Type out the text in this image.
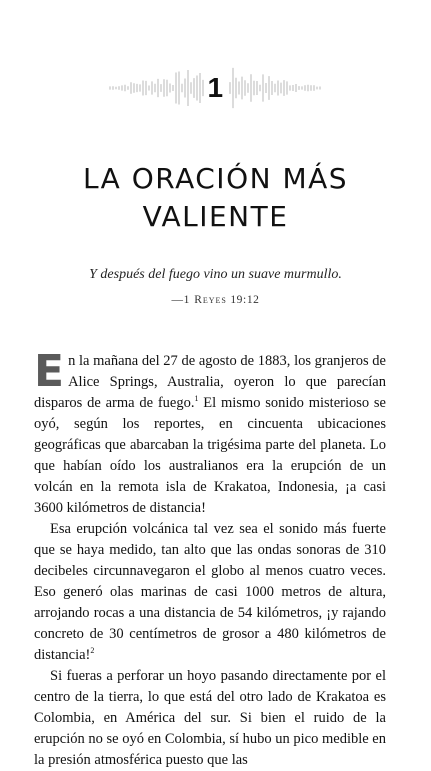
1
LA ORACIÓN MÁS
VALIENTE
Y después del fuego vino un suave murmullo.
—1 Reyes 19:12

En la mañana del 27 de agosto de 1883, los granjeros de Alice Springs, Australia, oyeron lo que parecían disparos de arma de fuego.$^1$ El mismo sonido misterioso se oyó, según los reportes, en cincuenta ubicaciones geográficas que abarcaban la trigésima parte del planeta. Lo que habían oído los australianos era la erupción de un volcán en la remota isla de Krakatoa, Indonesia, ¡a casi 3600 kilómetros de distancia!

Esa erupción volcánica tal vez sea el sonido más fuerte que se haya medido, tan alto que las ondas sonoras de 310 decibeles circunnavegaron el globo al menos cuatro veces. Eso generó olas marinas de casi 1000 metros de altura, arrojando rocas a una distancia de 54 kilómetros, ¡y rajando concreto de 30 centímetros de grosor a 480 kilómetros de distancia!$^2$

Si fueras a perforar un hoyo pasando directamente por el centro de la tierra, lo que está del otro lado de Krakatoa es Colombia, en América del sur. Si bien el ruido de la erupción no se oyó en Colombia, sí hubo un pico medible en la presión atmosférica puesto que las
